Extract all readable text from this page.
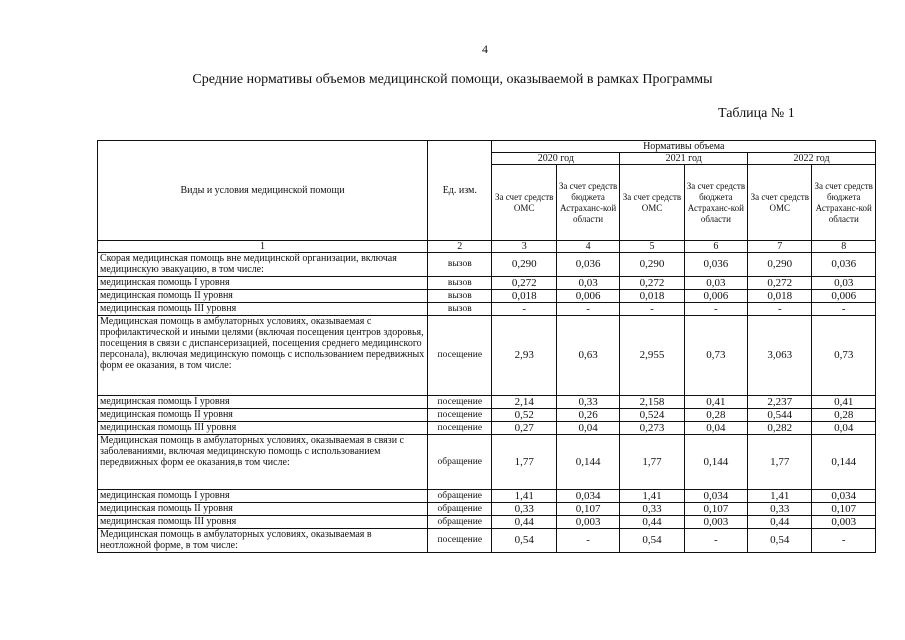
4
Средние нормативы объемов медицинской помощи, оказываемой в рамках Программы
Таблица № 1
Виды и условия медицинской помощи	Ед. изм.	Нормативы объема					
		2020 год		2021 год		2022 год	
		За счет средств ОМС	За счет средств бюджета Астраханс-кой области	За счет средств ОМС	За счет средств бюджета Астраханс-кой области	За счет средств ОМС	За счет средств бюджета Астраханс-кой области
1	2	3	4	5	6	7	8
Скорая медицинская помощь вне медицинской организации, включая медицинскую эвакуацию, в том числе:	вызов	0,290	0,036	0,290	0,036	0,290	0,036
медицинская помощь I уровня	вызов	0,272	0,03	0,272	0,03	0,272	0,03
медицинская помощь II уровня	вызов	0,018	0,006	0,018	0,006	0,018	0,006
медицинская помощь III уровня	вызов	-	-	-	-	-	-
Медицинская помощь в амбулаторных условиях, оказываемая с профилактической и иными целями (включая посещения центров здоровья, посещения в связи с диспансеризацией, посещения среднего медицинского персонала), включая медицинскую помощь с использованием передвижных форм ее оказания, в том числе:	посещение	2,93	0,63	2,955	0,73	3,063	0,73
медицинская помощь I уровня	посещение	2,14	0,33	2,158	0,41	2,237	0,41
медицинская помощь II уровня	посещение	0,52	0,26	0,524	0,28	0,544	0,28
медицинская помощь III уровня	посещение	0,27	0,04	0,273	0,04	0,282	0,04
Медицинская помощь в амбулаторных условиях, оказываемая в связи с заболеваниями, включая медицинскую помощь с использованием передвижных форм ее оказания,в том числе:	обращение	1,77	0,144	1,77	0,144	1,77	0,144
медицинская помощь I уровня	обращение	1,41	0,034	1,41	0,034	1,41	0,034
медицинская помощь II уровня	обращение	0,33	0,107	0,33	0,107	0,33	0,107
медицинская помощь III уровня	обращение	0,44	0,003	0,44	0,003	0,44	0,003
Медицинская помощь в амбулаторных условиях, оказываемая в неотложной форме, в том числе:	посещение	0,54	-	0,54	-	0,54	-
